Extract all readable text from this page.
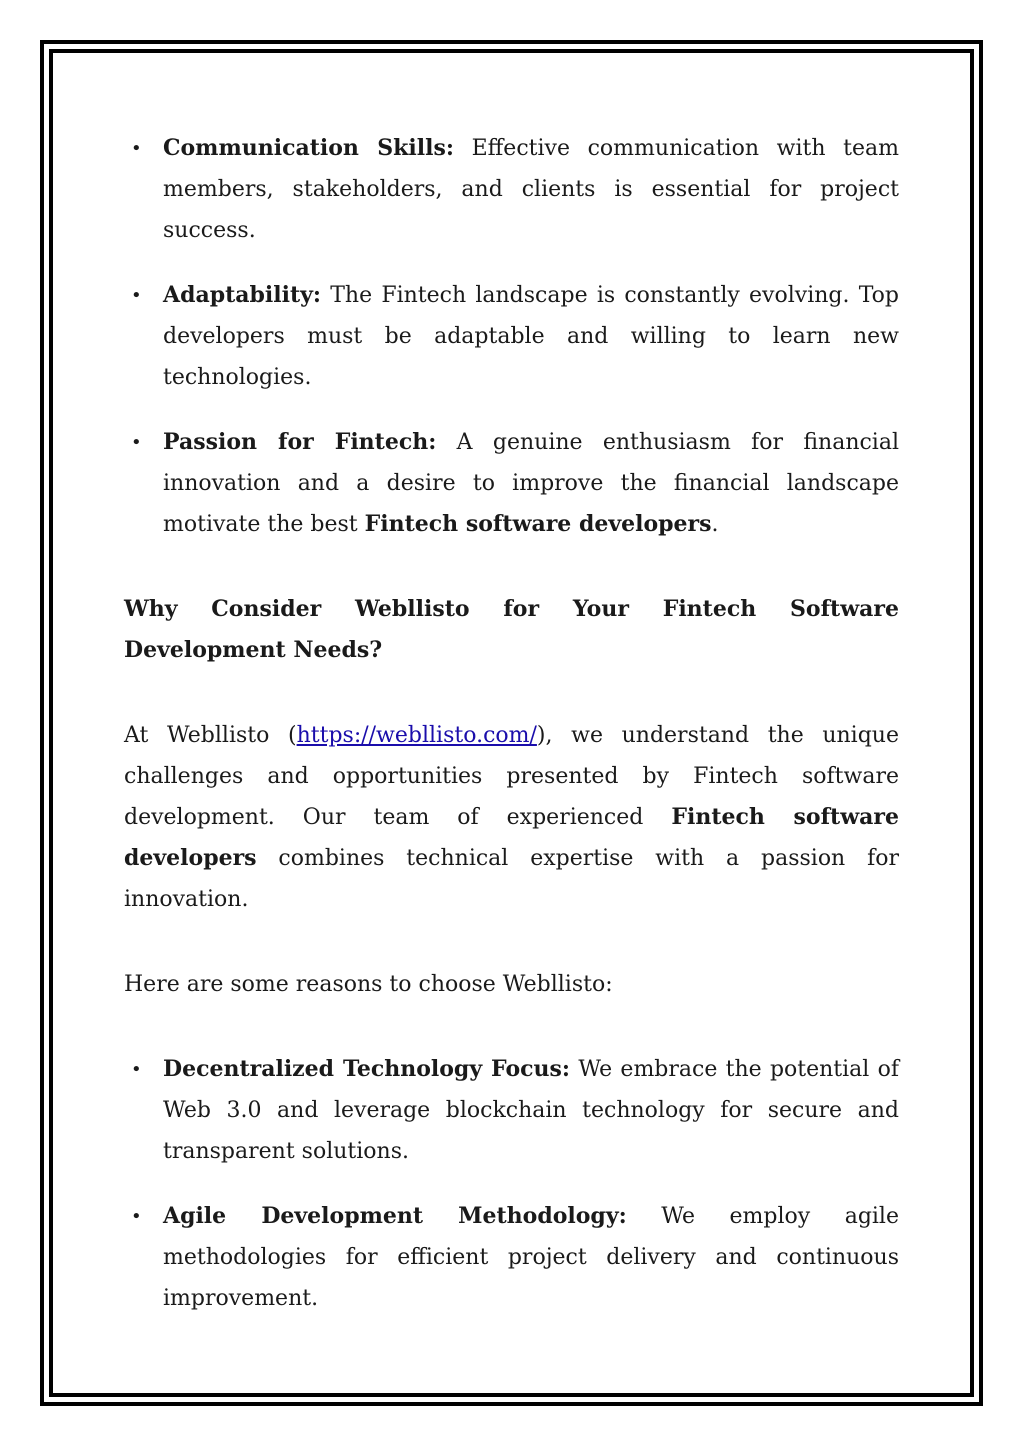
• Communication Skills: Effective communication with team members, stakeholders, and clients is essential for project success.
• Adaptability: The Fintech landscape is constantly evolving. Top developers must be adaptable and willing to learn new technologies.
• Passion for Fintech: A genuine enthusiasm for financial innovation and a desire to improve the financial landscape motivate the best Fintech software developers.
Why Consider Webllisto for Your Fintech Software Development Needs?

At Webllisto (https://webllisto.com/), we understand the unique challenges and opportunities presented by Fintech software development. Our team of experienced Fintech software developers combines technical expertise with a passion for innovation.

Here are some reasons to choose Webllisto:

• Decentralized Technology Focus: We embrace the potential of Web 3.0 and leverage blockchain technology for secure and transparent solutions.
• Agile Development Methodology: We employ agile methodologies for efficient project delivery and continuous improvement.
